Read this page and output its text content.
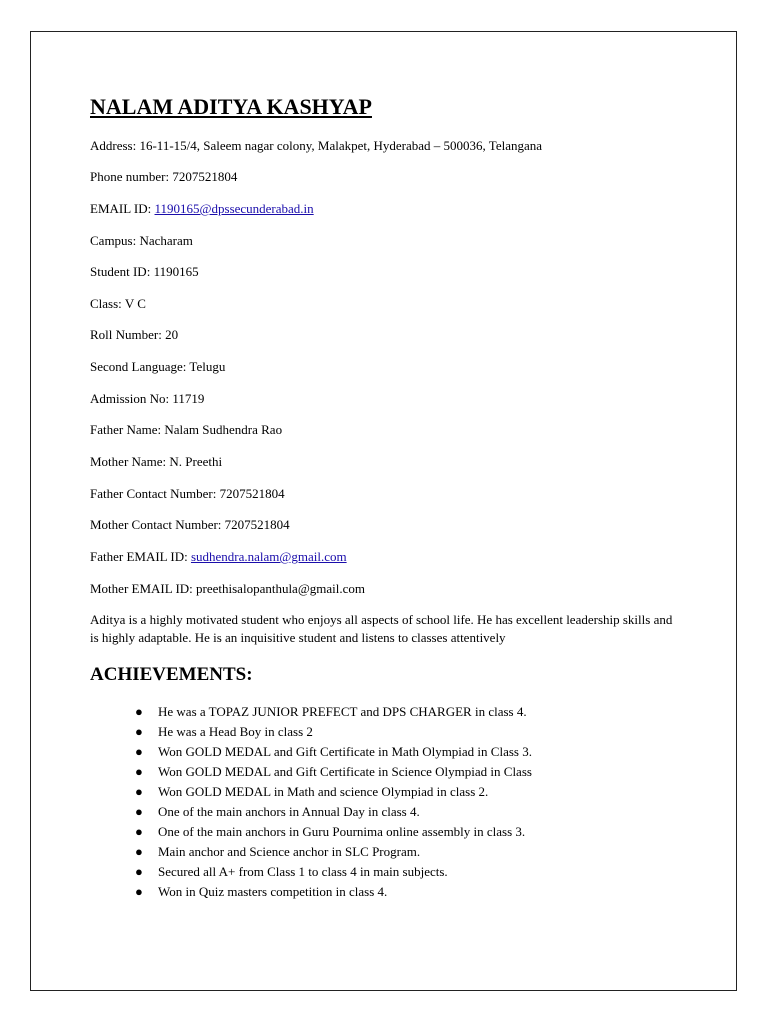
NALAM ADITYA KASHYAP

Address: 16-11-15/4, Saleem nagar colony, Malakpet, Hyderabad – 500036, Telangana

Phone number: 7207521804

EMAIL ID: 1190165@dpssecunderabad.in

Campus: Nacharam

Student ID: 1190165

Class: V C

Roll Number: 20

Second Language: Telugu

Admission No: 11719

Father Name: Nalam Sudhendra Rao

Mother Name: N. Preethi

Father Contact Number: 7207521804

Mother Contact Number: 7207521804

Father EMAIL ID: sudhendra.nalam@gmail.com

Mother EMAIL ID: preethisalopanthula@gmail.com

Aditya is a highly motivated student who enjoys all aspects of school life. He has excellent leadership skills and is highly adaptable. He is an inquisitive student and listens to classes attentively

ACHIEVEMENTS:
● He was a TOPAZ JUNIOR PREFECT and DPS CHARGER in class 4.
● He was a Head Boy in class 2
● Won GOLD MEDAL and Gift Certificate in Math Olympiad in Class 3.
● Won GOLD MEDAL and Gift Certificate in Science Olympiad in Class
● Won GOLD MEDAL in Math and science Olympiad in class 2.
● One of the main anchors in Annual Day in class 4.
● One of the main anchors in Guru Pournima online assembly in class 3.
● Main anchor and Science anchor in SLC Program.
● Secured all A+ from Class 1 to class 4 in main subjects.
● Won in Quiz masters competition in class 4.
